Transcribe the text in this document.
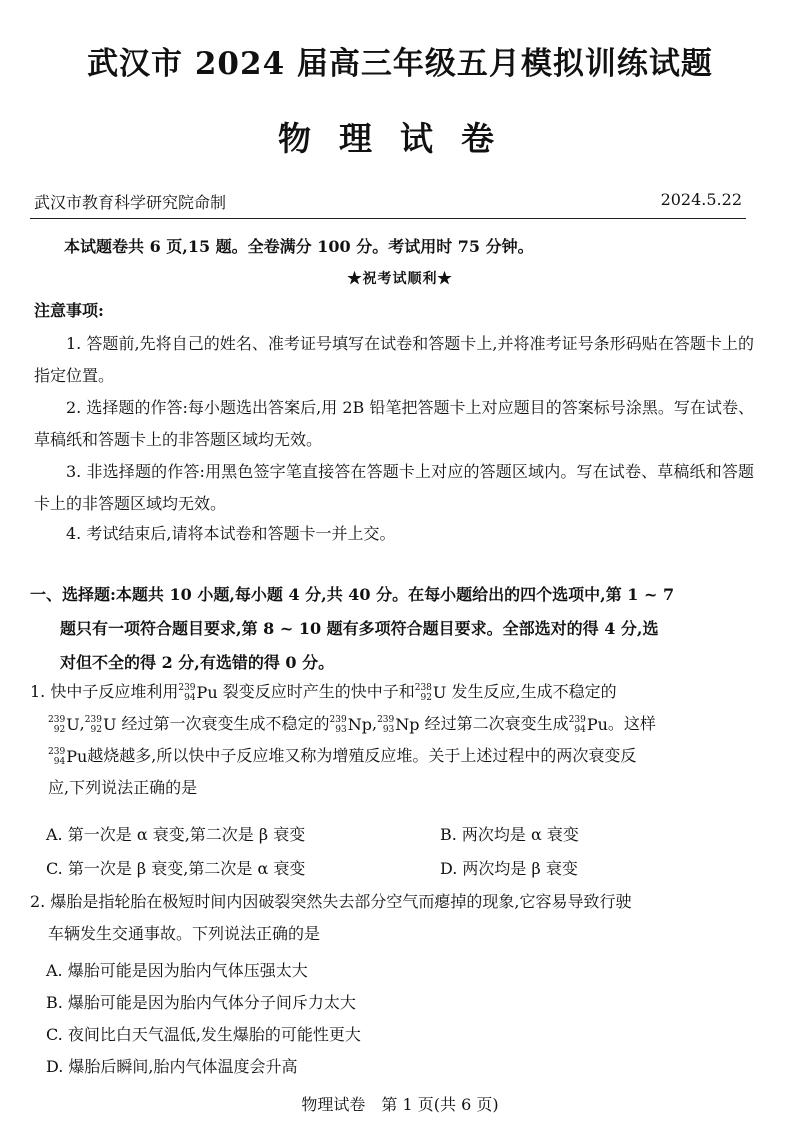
武汉市 2024 届高三年级五月模拟训练试题
物理试卷
武汉市教育科学研究院命制	2024.5.22
本试题卷共 6 页,15 题。全卷满分 100 分。考试用时 75 分钟。
★祝考试顺利★
注意事项:
1. 答题前,先将自己的姓名、准考证号填写在试卷和答题卡上,并将准考证号条形码贴在答题卡上的指定位置。
2. 选择题的作答:每小题选出答案后,用 2B 铅笔把答题卡上对应题目的答案标号涂黑。写在试卷、草稿纸和答题卡上的非答题区域均无效。
3. 非选择题的作答:用黑色签字笔直接答在答题卡上对应的答题区域内。写在试卷、草稿纸和答题卡上的非答题区域均无效。
4. 考试结束后,请将本试卷和答题卡一并上交。
一、选择题:本题共 10 小题,每小题 4 分,共 40 分。在每小题给出的四个选项中,第 1 ~ 7
题只有一项符合题目要求,第 8 ~ 10 题有多项符合题目要求。全部选对的得 4 分,选
对但不全的得 2 分,有选错的得 0 分。
1. 快中子反应堆利用 239
94 Pu 裂变反应时产生的快中子和 238
92 U 发生反应,生成不稳定的
239
92 U, 239
92 U 经过第一次衰变生成不稳定的 239
93 Np, 239
93 Np 经过第二次衰变生成 239
94 Pu。这样
239
94 Pu越烧越多,所以快中子反应堆又称为增殖反应堆。关于上述过程中的两次衰变反
应,下列说法正确的是
A. 第一次是 α 衰变,第二次是 β 衰变	B. 两次均是 α 衰变
C. 第一次是 β 衰变,第二次是 α 衰变	D. 两次均是 β 衰变
2. 爆胎是指轮胎在极短时间内因破裂突然失去部分空气而瘪掉的现象,它容易导致行驶
车辆发生交通事故。下列说法正确的是
A. 爆胎可能是因为胎内气体压强太大
B. 爆胎可能是因为胎内气体分子间斥力太大
C. 夜间比白天气温低,发生爆胎的可能性更大
D. 爆胎后瞬间,胎内气体温度会升高
物理试卷　第 1 页(共 6 页)
